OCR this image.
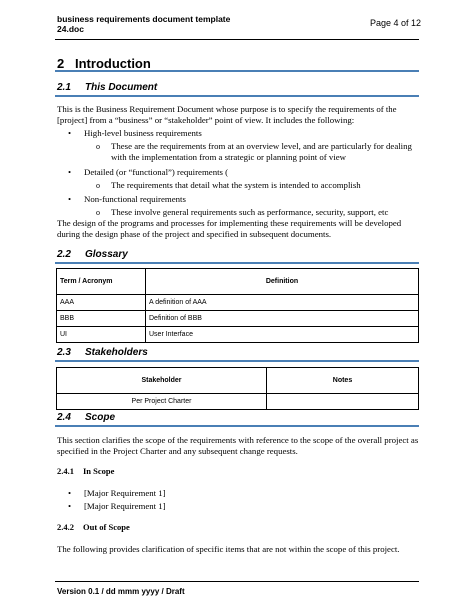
business requirements document template
24.doc
Page 4 of 12
2 Introduction
2.1 This Document
This is the Business Requirement Document whose purpose is to specify the requirements of the [project] from a “business” or “stakeholder” point of view. It includes the following:
• High-level business requirements
o	These are the requirements from at an overview level, and are particularly for dealing with the implementation from a strategic or planning point of view
• Detailed (or “functional”) requirements (
o	The requirements that detail what the system is intended to accomplish
• Non-functional requirements
o	These involve general requirements such as performance, security, support, etc
The design of the programs and processes for implementing these requirements will be developed during the design phase of the project and specified in subsequent documents.
2.2 Glossary
Term / Acronym	Definition
AAA	A definition of AAA
BBB	Definition of BBB
UI	User Interface
2.3 Stakeholders
Stakeholder	Notes
Per Project Charter	
2.4 Scope
This section clarifies the scope of the requirements with reference to the scope of the overall project as specified in the Project Charter and any subsequent change requests.
2.4.1 In Scope
• [Major Requirement 1]
• [Major Requirement 1]
2.4.2 Out of Scope
The following provides clarification of specific items that are not within the scope of this project.
Version 0.1 / dd mmm yyyy / Draft
